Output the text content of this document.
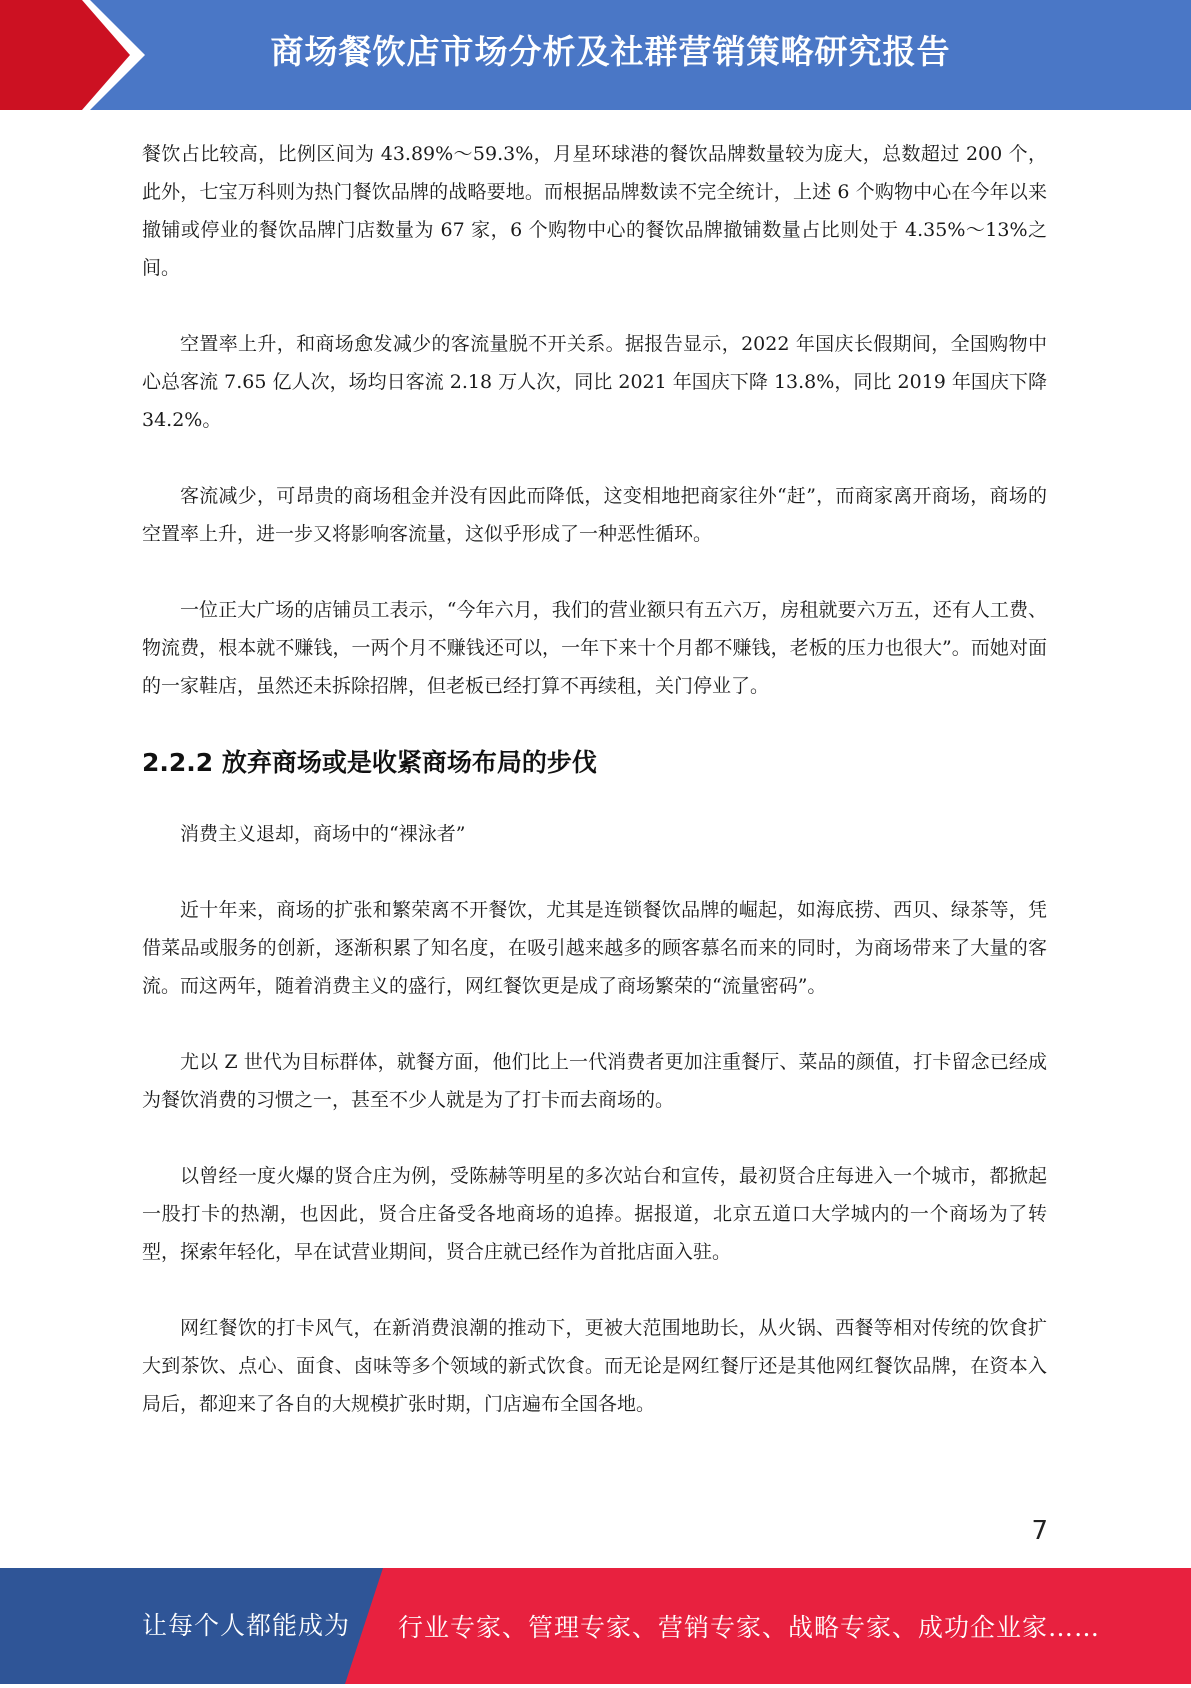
商场餐饮店市场分析及社群营销策略研究报告

餐饮占比较高，比例区间为 43.89%～59.3%，月星环球港的餐饮品牌数量较为庞大，总数超过 200 个，此外，七宝万科则为热门餐饮品牌的战略要地。而根据品牌数读不完全统计，上述 6 个购物中心在今年以来撤铺或停业的餐饮品牌门店数量为 67 家，6 个购物中心的餐饮品牌撤铺数量占比则处于 4.35%～13%之间。

空置率上升，和商场愈发减少的客流量脱不开关系。据报告显示，2022 年国庆长假期间，全国购物中心总客流 7.65 亿人次，场均日客流 2.18 万人次，同比 2021 年国庆下降 13.8%，同比 2019 年国庆下降 34.2%。

客流减少，可昂贵的商场租金并没有因此而降低，这变相地把商家往外“赶”，而商家离开商场，商场的空置率上升，进一步又将影响客流量，这似乎形成了一种恶性循环。

一位正大广场的店铺员工表示，“今年六月，我们的营业额只有五六万，房租就要六万五，还有人工费、物流费，根本就不赚钱，一两个月不赚钱还可以，一年下来十个月都不赚钱，老板的压力也很大”。而她对面的一家鞋店，虽然还未拆除招牌，但老板已经打算不再续租，关门停业了。

2.2.2 放弃商场或是收紧商场布局的步伐

消费主义退却，商场中的“裸泳者”

近十年来，商场的扩张和繁荣离不开餐饮，尤其是连锁餐饮品牌的崛起，如海底捞、西贝、绿茶等，凭借菜品或服务的创新，逐渐积累了知名度，在吸引越来越多的顾客慕名而来的同时，为商场带来了大量的客流。而这两年，随着消费主义的盛行，网红餐饮更是成了商场繁荣的“流量密码”。

尤以 Z 世代为目标群体，就餐方面，他们比上一代消费者更加注重餐厅、菜品的颜值，打卡留念已经成为餐饮消费的习惯之一，甚至不少人就是为了打卡而去商场的。

以曾经一度火爆的贤合庄为例，受陈赫等明星的多次站台和宣传，最初贤合庄每进入一个城市，都掀起一股打卡的热潮，也因此，贤合庄备受各地商场的追捧。据报道，北京五道口大学城内的一个商场为了转型，探索年轻化，早在试营业期间，贤合庄就已经作为首批店面入驻。

网红餐饮的打卡风气，在新消费浪潮的推动下，更被大范围地助长，从火锅、西餐等相对传统的饮食扩大到茶饮、点心、面食、卤味等多个领域的新式饮食。而无论是网红餐厅还是其他网红餐饮品牌，在资本入局后，都迎来了各自的大规模扩张时期，门店遍布全国各地。

7
让每个人都能成为 行业专家、管理专家、营销专家、战略专家、成功企业家……
